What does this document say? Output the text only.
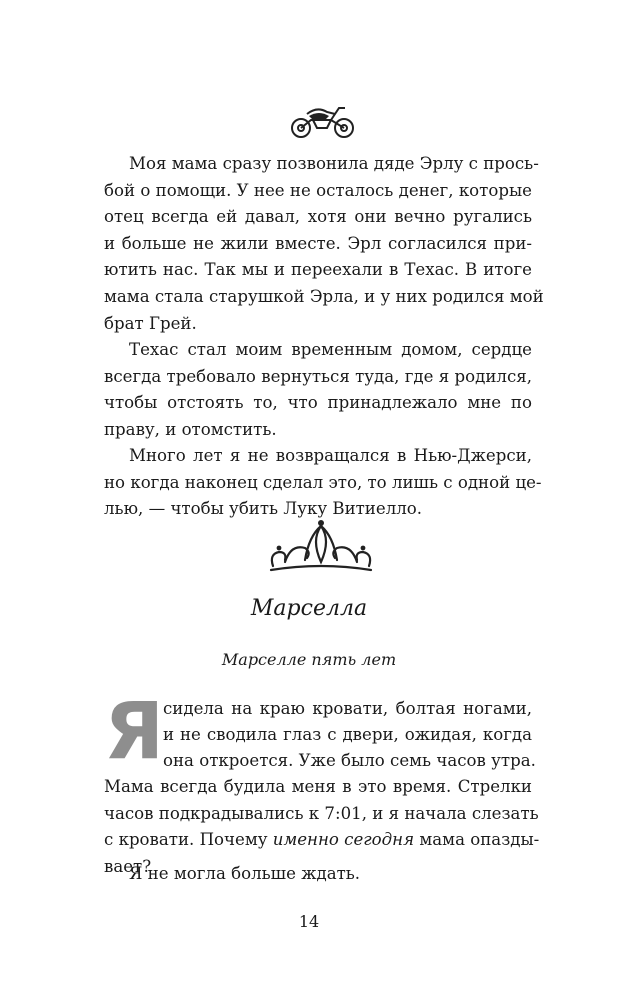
Моя мама сразу позвонила дяде Эрлу с прось-
бой о помощи. У нее не осталось денег, которые
отец всегда ей давал, хотя они вечно ругались
и больше не жили вместе. Эрл согласился при-
ютить нас. Так мы и переехали в Техас. В итоге
мама стала старушкой Эрла, и у них родился мой
брат Грей.
Техас стал моим временным домом, сердце
всегда требовало вернуться туда, где я родился,
чтобы отстоять то, что принадлежало мне по
праву, и отомстить.
Много лет я не возвращался в Нью-Джерси,
но когда наконец сделал это, то лишь с одной це-
лью, — чтобы убить Луку Витиелло.
Марселла
Марселле пять лет
Я
сидела на краю кровати, болтая ногами,
и не сводила глаз с двери, ожидая, когда
она откроется. Уже было семь часов утра.
Мама всегда будила меня в это время. Стрелки
часов подкрадывались к 7:01, и я начала слезать
с кровати. Почему именно сегодня мама опазды-
вает?
Я не могла больше ждать.
14
